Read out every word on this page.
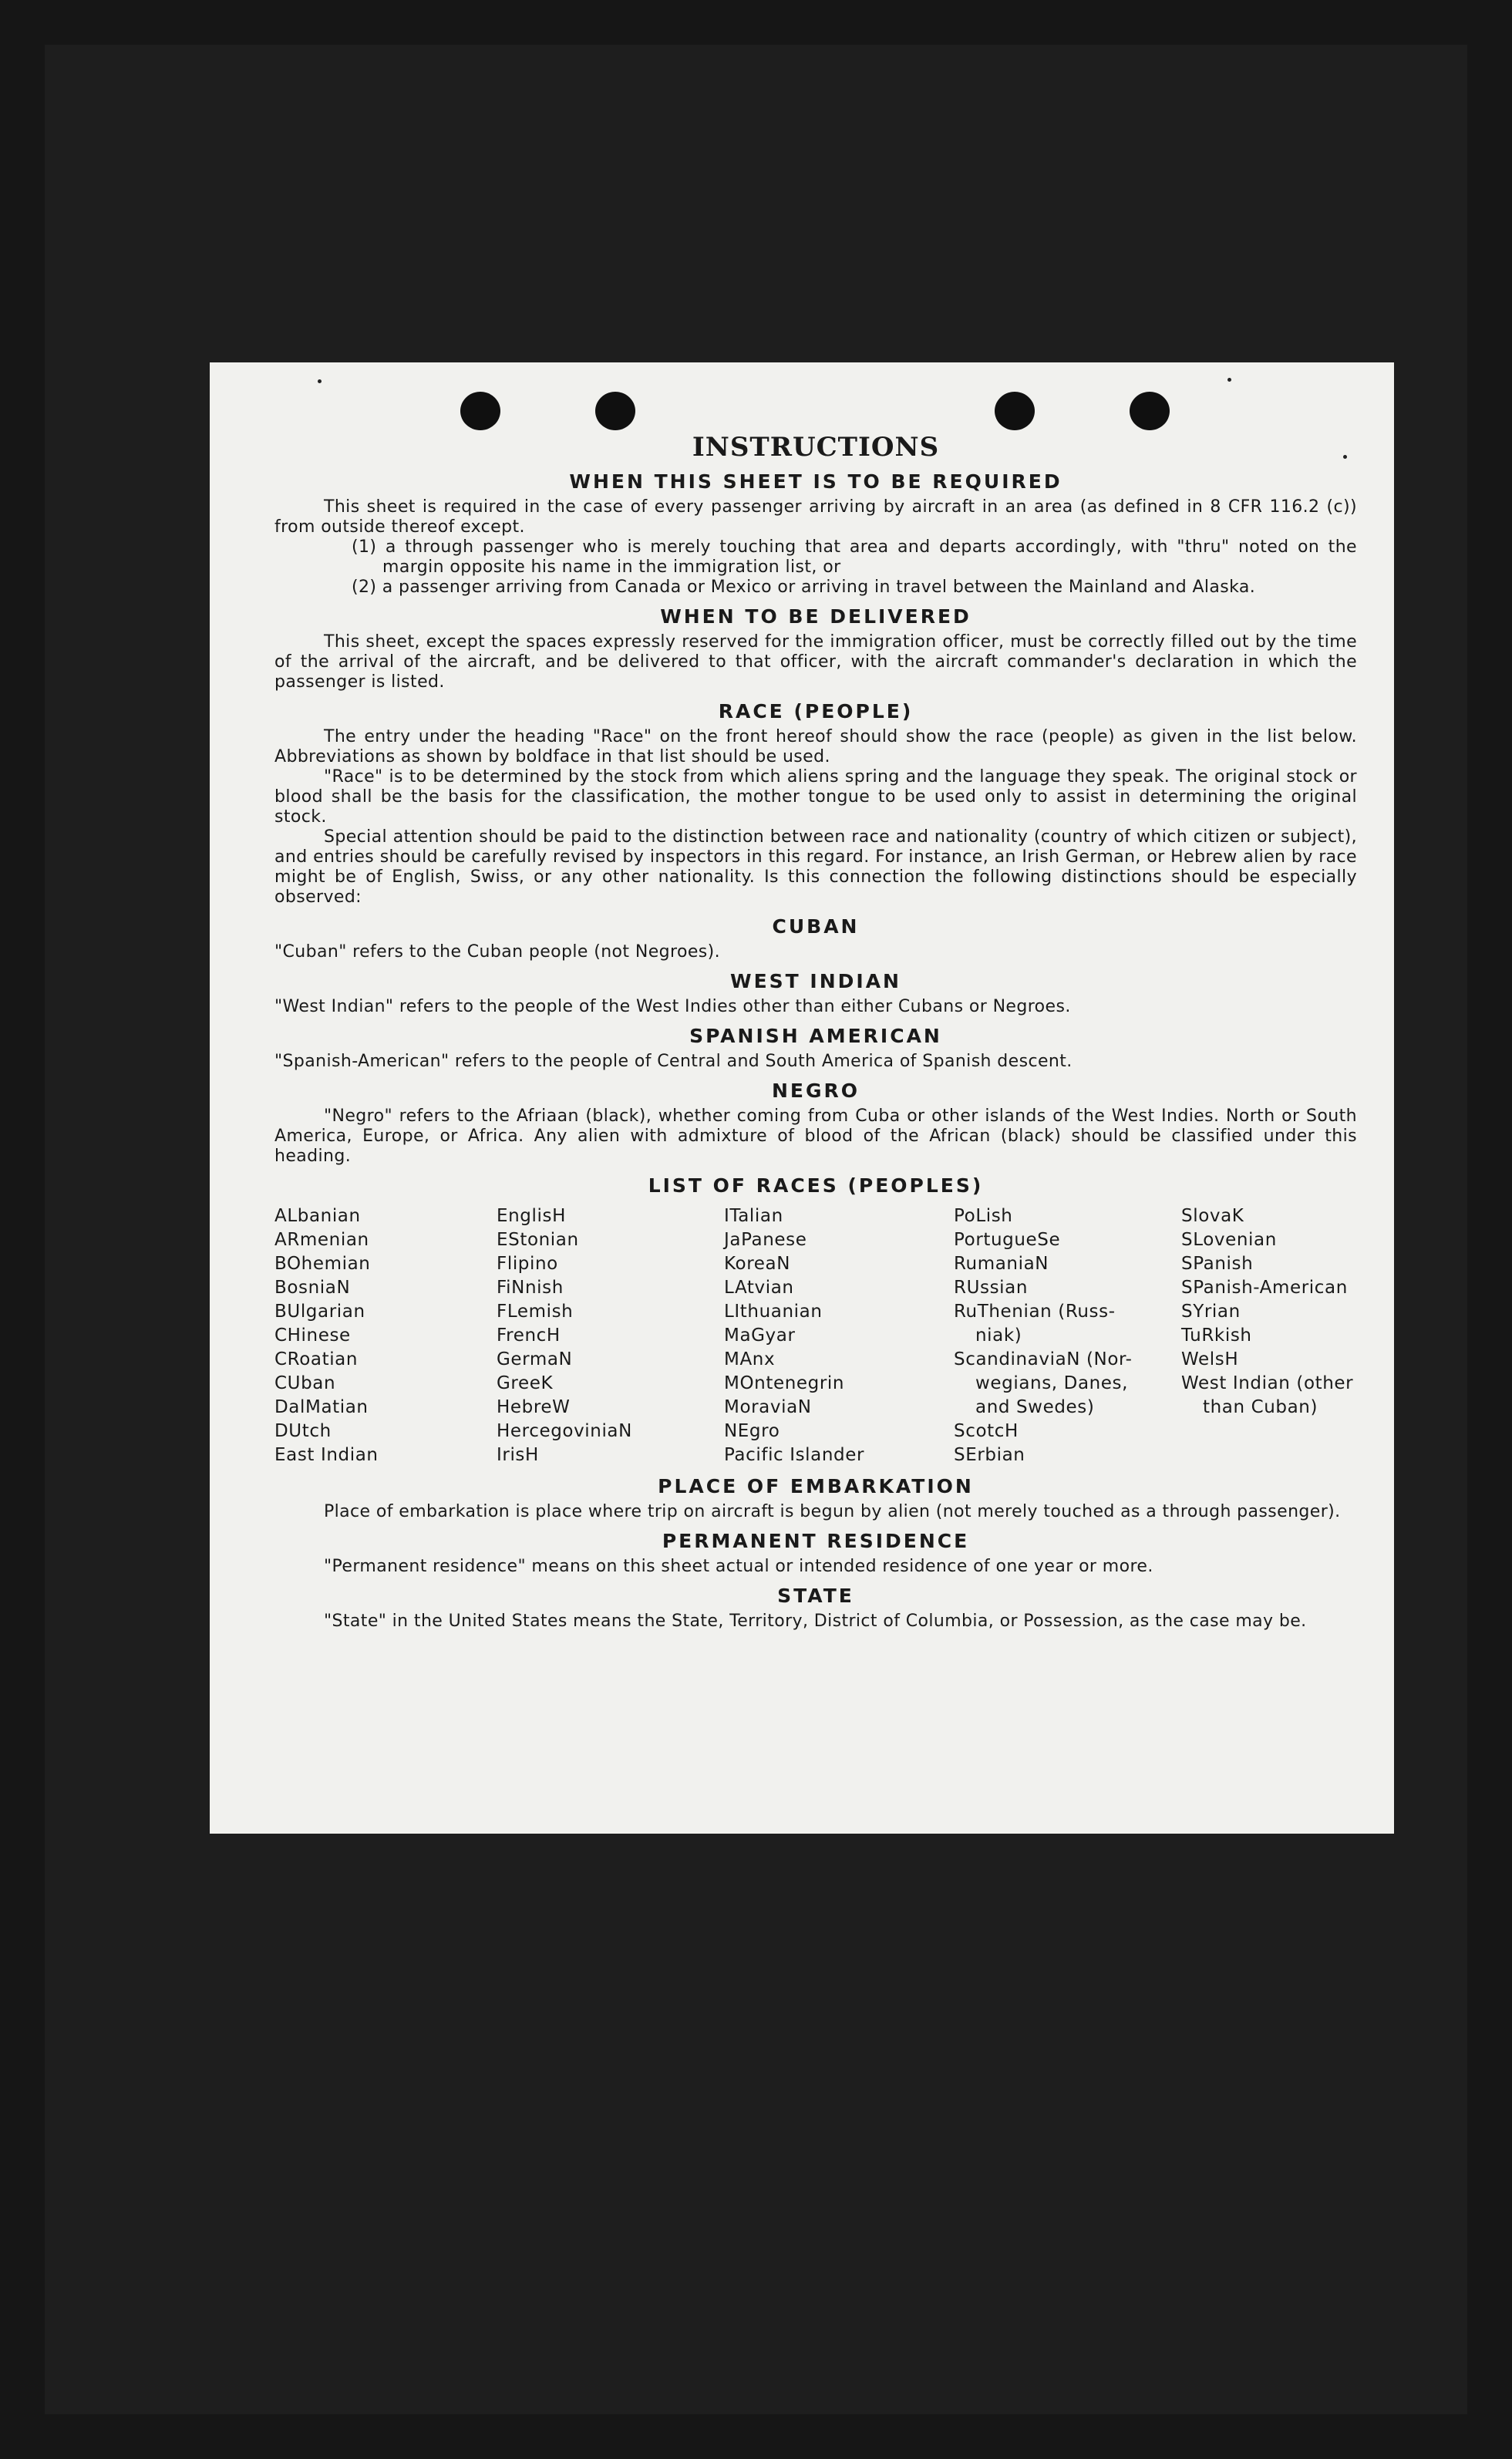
INSTRUCTIONS
WHEN THIS SHEET IS TO BE REQUIRED

This sheet is required in the case of every passenger arriving by aircraft in an area (as defined in 8 CFR 116.2 (c)) from outside thereof except.

(1) a through passenger who is merely touching that area and departs accordingly, with "thru" noted on the margin opposite his name in the immigration list, or

(2) a passenger arriving from Canada or Mexico or arriving in travel between the Mainland and Alaska.

WHEN TO BE DELIVERED

This sheet, except the spaces expressly reserved for the immigration officer, must be correctly filled out by the time of the arrival of the aircraft, and be delivered to that officer, with the aircraft commander's declaration in which the passenger is listed.

RACE (PEOPLE)

The entry under the heading "Race" on the front hereof should show the race (people) as given in the list below. Abbreviations as shown by boldface in that list should be used.

"Race" is to be determined by the stock from which aliens spring and the language they speak. The original stock or blood shall be the basis for the classification, the mother tongue to be used only to assist in determining the original stock.

Special attention should be paid to the distinction between race and nationality (country of which citizen or subject), and entries should be carefully revised by inspectors in this regard. For instance, an Irish German, or Hebrew alien by race might be of English, Swiss, or any other nationality. Is this connection the following distinctions should be especially observed:

CUBAN

"Cuban" refers to the Cuban people (not Negroes).

WEST INDIAN

"West Indian" refers to the people of the West Indies other than either Cubans or Negroes.

SPANISH AMERICAN

"Spanish-American" refers to the people of Central and South America of Spanish descent.

NEGRO

"Negro" refers to the Afriaan (black), whether coming from Cuba or other islands of the West Indies. North or South America, Europe, or Africa. Any alien with admixture of blood of the African (black) should be classified under this heading.

LIST OF RACES (PEOPLES)
ALbanian
ARmenian
BOhemian
BosniaN
BUlgarian
CHinese
CRoatian
CUban
DalMatian
DUtch
East Indian
EnglisH
EStonian
Flipino
FiNnish
FLemish
FrencH
GermaN
GreeK
HebreW
HercegoviniaN
IrisH
ITalian
JaPanese
KoreaN
LAtvian
LIthuanian
MaGyar
MAnx
MOntenegrin
MoraviaN
NEgro
Pacific Islander
PoLish
PortugueSe
RumaniaN
RUssian
RuThenian (Russ-
niak)
ScandinaviaN (Nor-
wegians, Danes,
and Swedes)
ScotcH
SErbian
SlovaK
SLovenian
SPanish
SPanish-American
SYrian
TuRkish
WelsH
West Indian (other
than Cuban)
PLACE OF EMBARKATION

Place of embarkation is place where trip on aircraft is begun by alien (not merely touched as a through passenger).

PERMANENT RESIDENCE

"Permanent residence" means on this sheet actual or intended residence of one year or more.

STATE

"State" in the United States means the State, Territory, District of Columbia, or Possession, as the case may be.
